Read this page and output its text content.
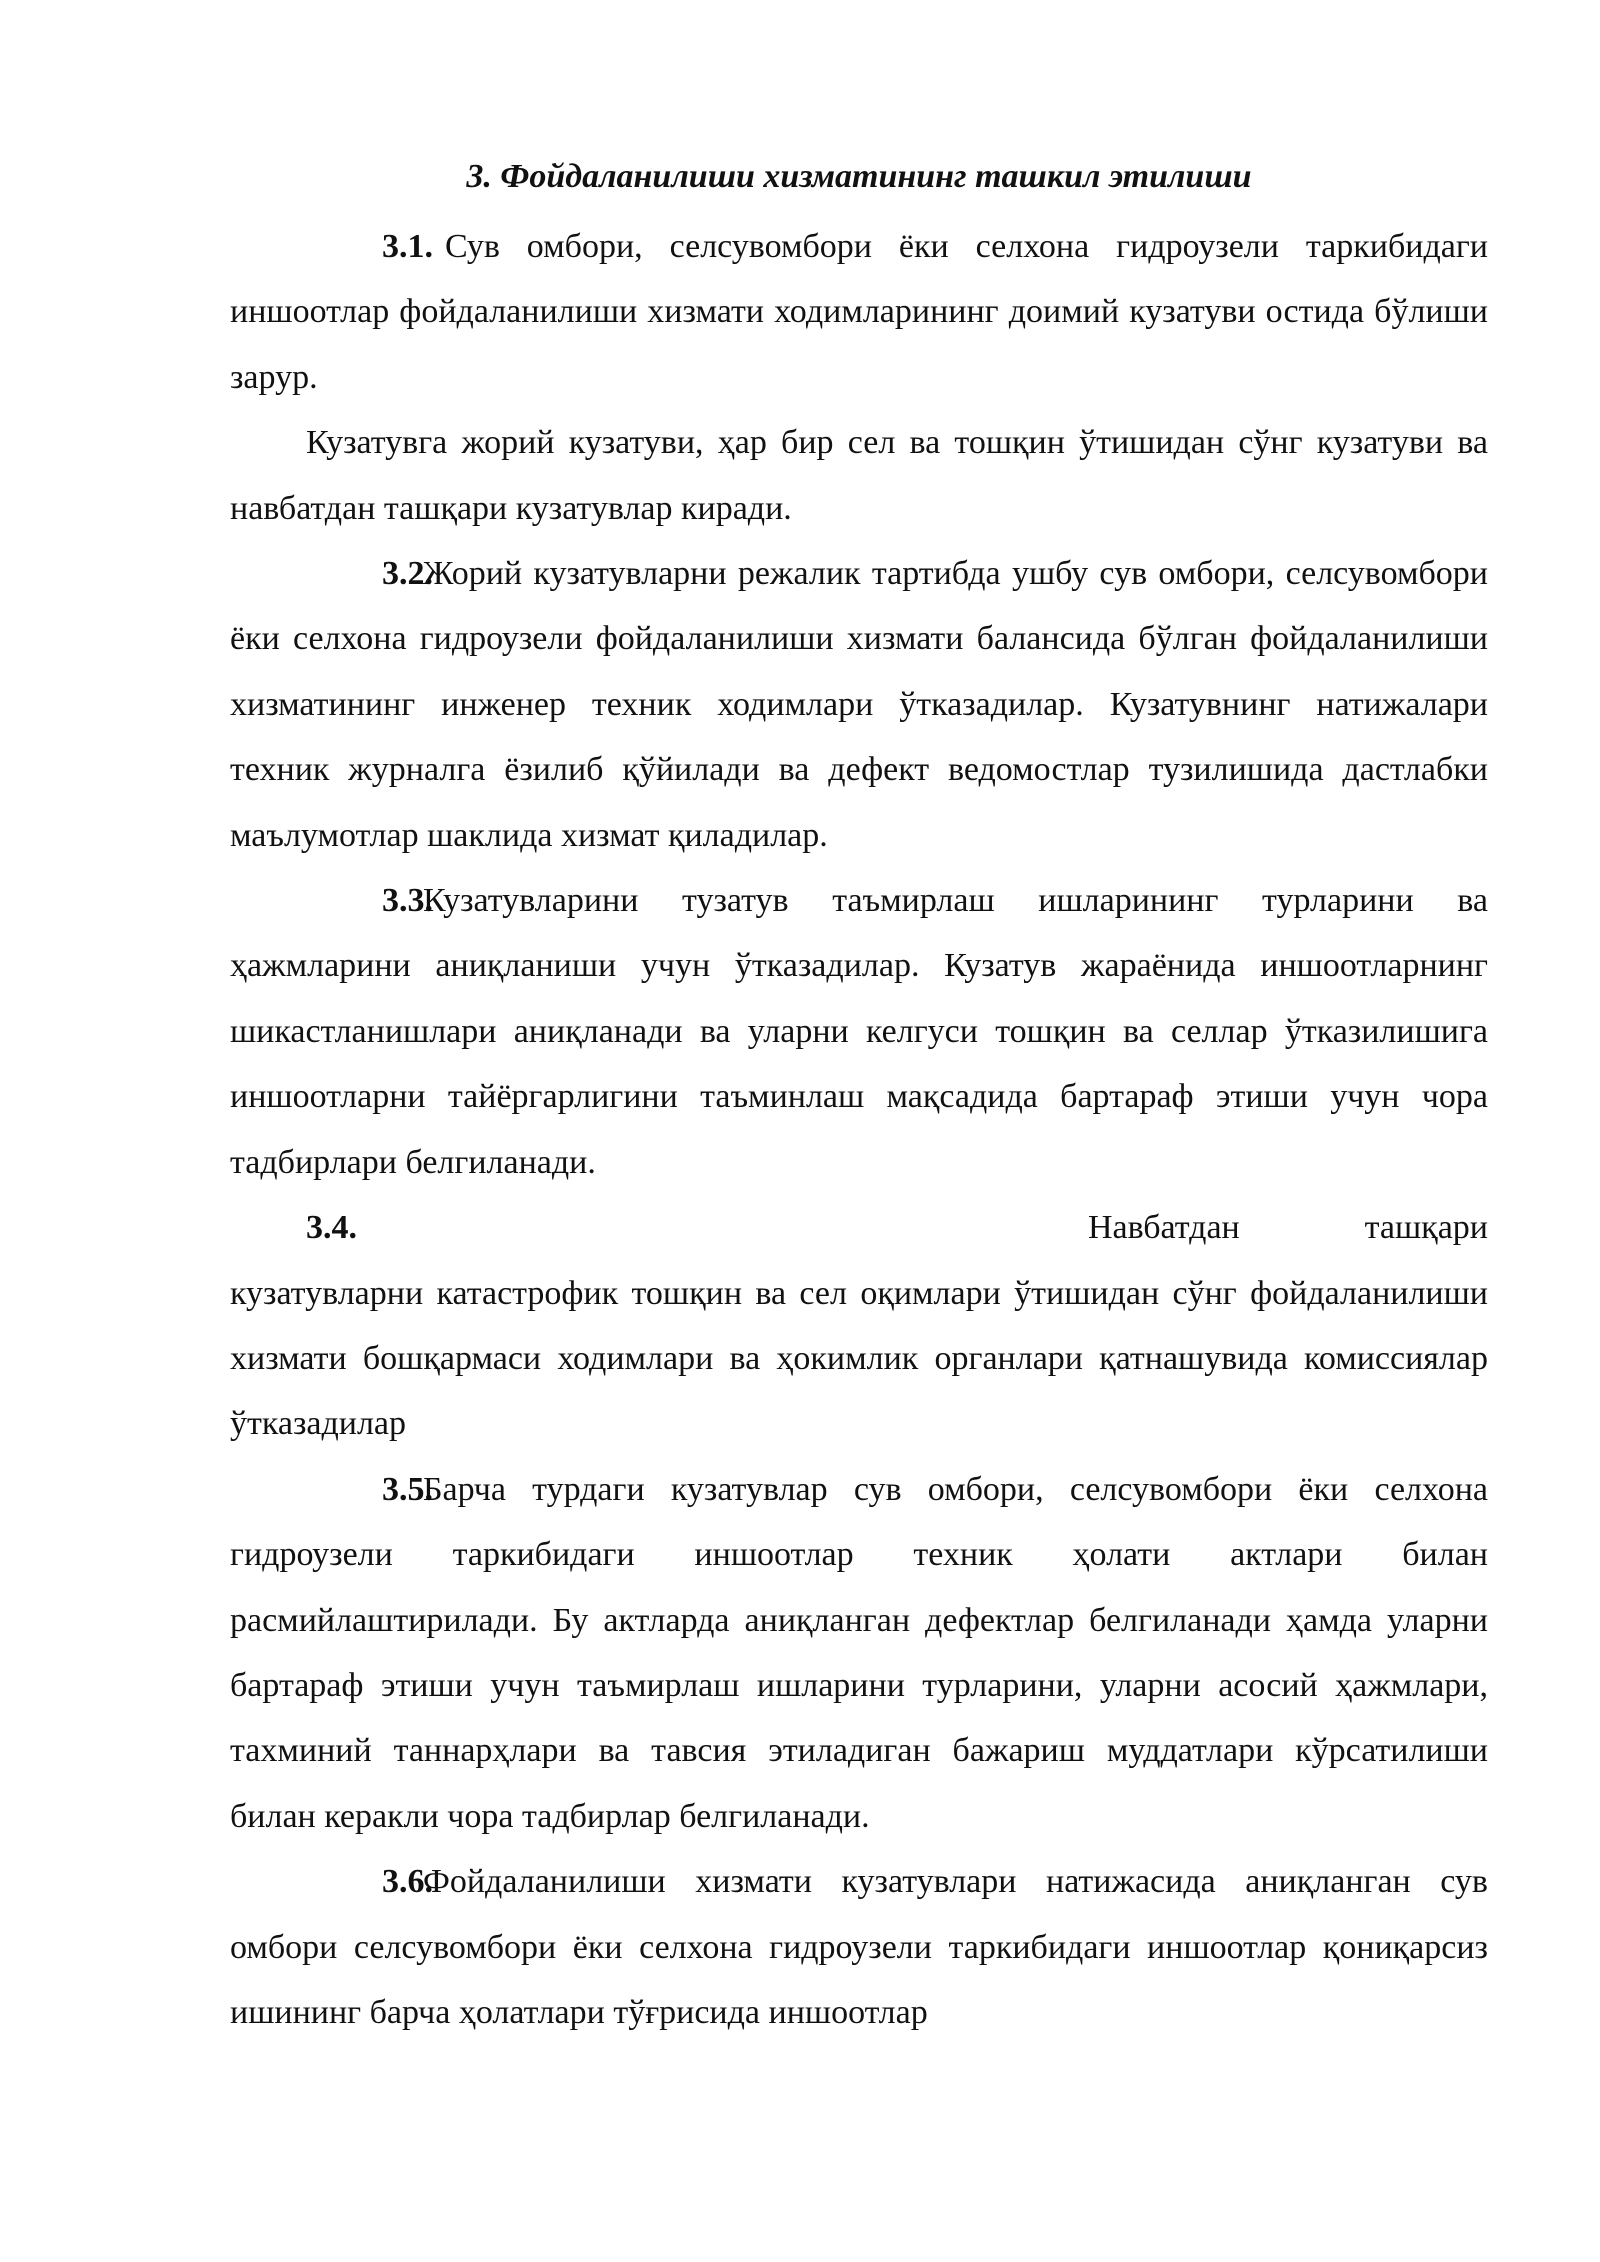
3. Фойдаланилиши хизматининг ташкил этилиши

3.1. Сув омбори, селсувомбори ёки селхона гидроузели таркибидаги иншоотлар фойдаланилиши хизмати ходимларининг доимий кузатуви остида бўлиши зарур.

Кузатувга жорий кузатуви, ҳар бир сел ва тошқин ўтишидан сўнг кузатуви ва навбатдан ташқари кузатувлар киради.

3.2.Жорий кузатувларни режалик тартибда ушбу сув омбори, селсувомбори ёки селхона гидроузели фойдаланилиши хизмати балансида бўлган фойдаланилиши хизматининг инженер техник ходимлари ўтказадилар. Кузатувнинг натижалари техник журналга ёзилиб қўйилади ва дефект ведомостлар тузилишида дастлабки маълумотлар шаклида хизмат қиладилар.

3.3.Кузатувларини тузатув таъмирлаш ишларининг турларини ва ҳажмларини аниқланиши учун ўтказадилар. Кузатув жараёнида иншоотларнинг шикастланишлари аниқланади ва уларни келгуси тошқин ва селлар ўтказилишига иншоотларни тайёргарлигини таъминлаш мақсадида бартараф этиши учун чора тадбирлари белгиланади.

3.4.	Навбатдан	ташқари

кузатувларни катастрофик тошқин ва сел оқимлари ўтишидан сўнг фойдаланилиши хизмати бошқармаси ходимлари ва ҳокимлик органлари қатнашувида комиссиялар ўтказадилар

3.5.Барча турдаги кузатувлар сув омбори, селсувомбори ёки селхона гидроузели таркибидаги иншоотлар техник ҳолати актлари билан расмийлаштирилади. Бу актларда аниқланган дефектлар белгиланади ҳамда уларни бартараф этиши учун таъмирлаш ишларини турларини, уларни асосий ҳажмлари, тахминий таннарҳлари ва тавсия этиладиган бажариш муддатлари кўрсатилиши билан керакли чора тадбирлар белгиланади.

3.6.Фойдаланилиши хизмати кузатувлари натижасида аниқланган сув омбори селсувомбори ёки селхона гидроузели таркибидаги иншоотлар қониқарсиз ишининг барча ҳолатлари тўғрисида иншоотлар
